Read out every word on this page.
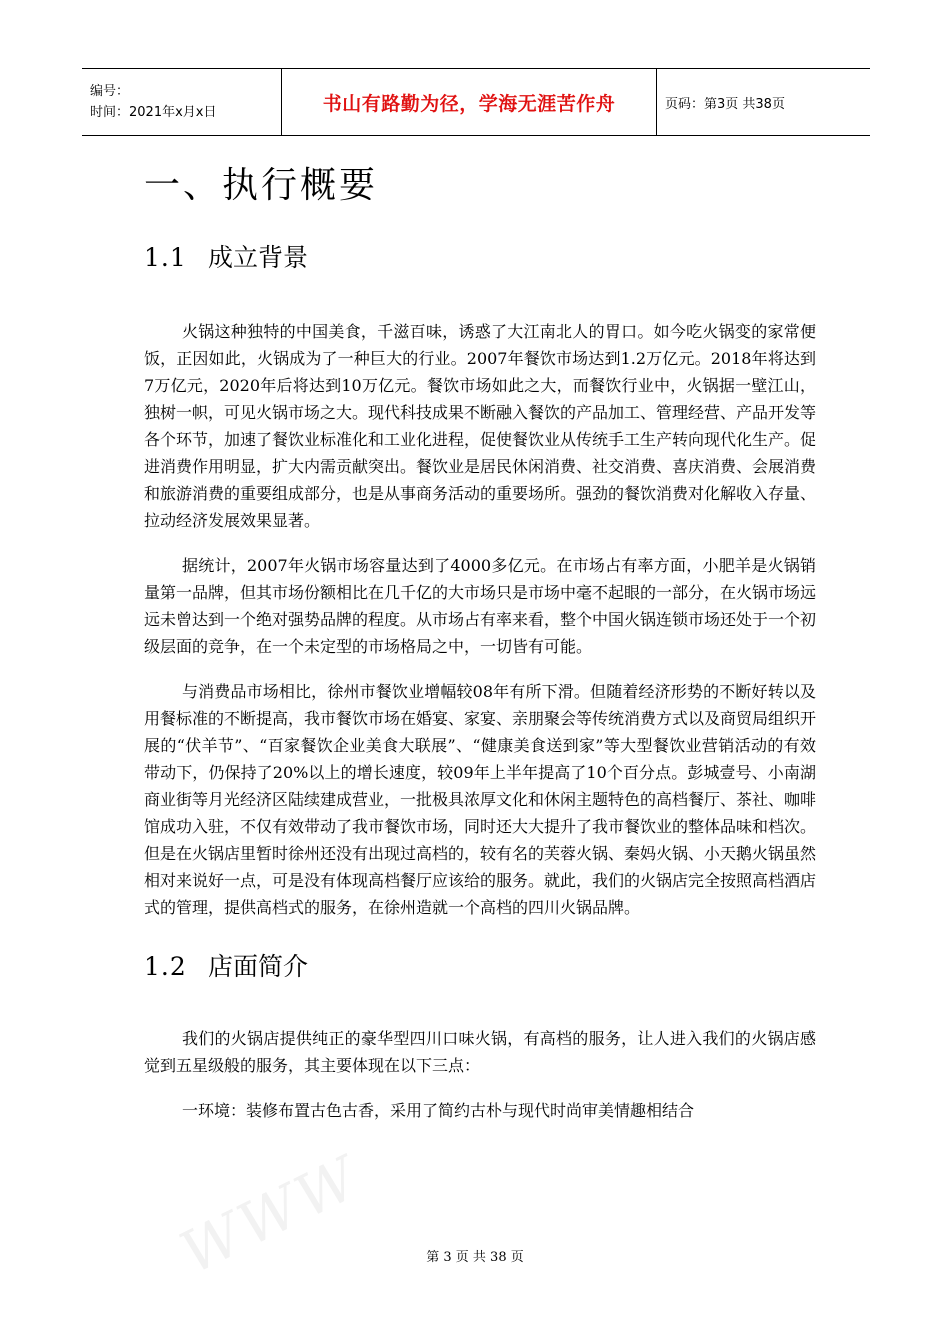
编号：
时间：2021年x月x日	书山有路勤为径，学海无涯苦作舟	页码：第3页 共38页
一、执行概要
1.1 成立背景

火锅这种独特的中国美食，千滋百味，诱惑了大江南北人的胃口。如今吃火锅变的家常便饭，正因如此，火锅成为了一种巨大的行业。2007年餐饮市场达到1.2万亿元。2018年将达到7万亿元，2020年后将达到10万亿元。餐饮市场如此之大，而餐饮行业中，火锅据一壁江山，独树一帜，可见火锅市场之大。现代科技成果不断融入餐饮的产品加工、管理经营、产品开发等各个环节，加速了餐饮业标准化和工业化进程，促使餐饮业从传统手工生产转向现代化生产。促进消费作用明显，扩大内需贡献突出。餐饮业是居民休闲消费、社交消费、喜庆消费、会展消费和旅游消费的重要组成部分，也是从事商务活动的重要场所。强劲的餐饮消费对化解收入存量、拉动经济发展效果显著。

据统计，2007年火锅市场容量达到了4000多亿元。在市场占有率方面，小肥羊是火锅销量第一品牌，但其市场份额相比在几千亿的大市场只是市场中毫不起眼的一部分，在火锅市场远远未曾达到一个绝对强势品牌的程度。从市场占有率来看，整个中国火锅连锁市场还处于一个初级层面的竞争，在一个未定型的市场格局之中，一切皆有可能。

与消费品市场相比，徐州市餐饮业增幅较08年有所下滑。但随着经济形势的不断好转以及用餐标准的不断提高，我市餐饮市场在婚宴、家宴、亲朋聚会等传统消费方式以及商贸局组织开展的“伏羊节”、“百家餐饮企业美食大联展”、“健康美食送到家”等大型餐饮业营销活动的有效带动下，仍保持了20%以上的增长速度，较09年上半年提高了10个百分点。彭城壹号、小南湖商业街等月光经济区陆续建成营业，一批极具浓厚文化和休闲主题特色的高档餐厅、茶社、咖啡馆成功入驻，不仅有效带动了我市餐饮市场，同时还大大提升了我市餐饮业的整体品味和档次。但是在火锅店里暂时徐州还没有出现过高档的，较有名的芙蓉火锅、秦妈火锅、小天鹅火锅虽然相对来说好一点，可是没有体现高档餐厅应该给的服务。就此，我们的火锅店完全按照高档酒店式的管理，提供高档式的服务，在徐州造就一个高档的四川火锅品牌。

1.2 店面简介

我们的火锅店提供纯正的豪华型四川口味火锅，有高档的服务，让人进入我们的火锅店感觉到五星级般的服务，其主要体现在以下三点：

一环境：装修布置古色古香，采用了简约古朴与现代时尚审美情趣相结合

WWW	第 3 页 共 38 页
